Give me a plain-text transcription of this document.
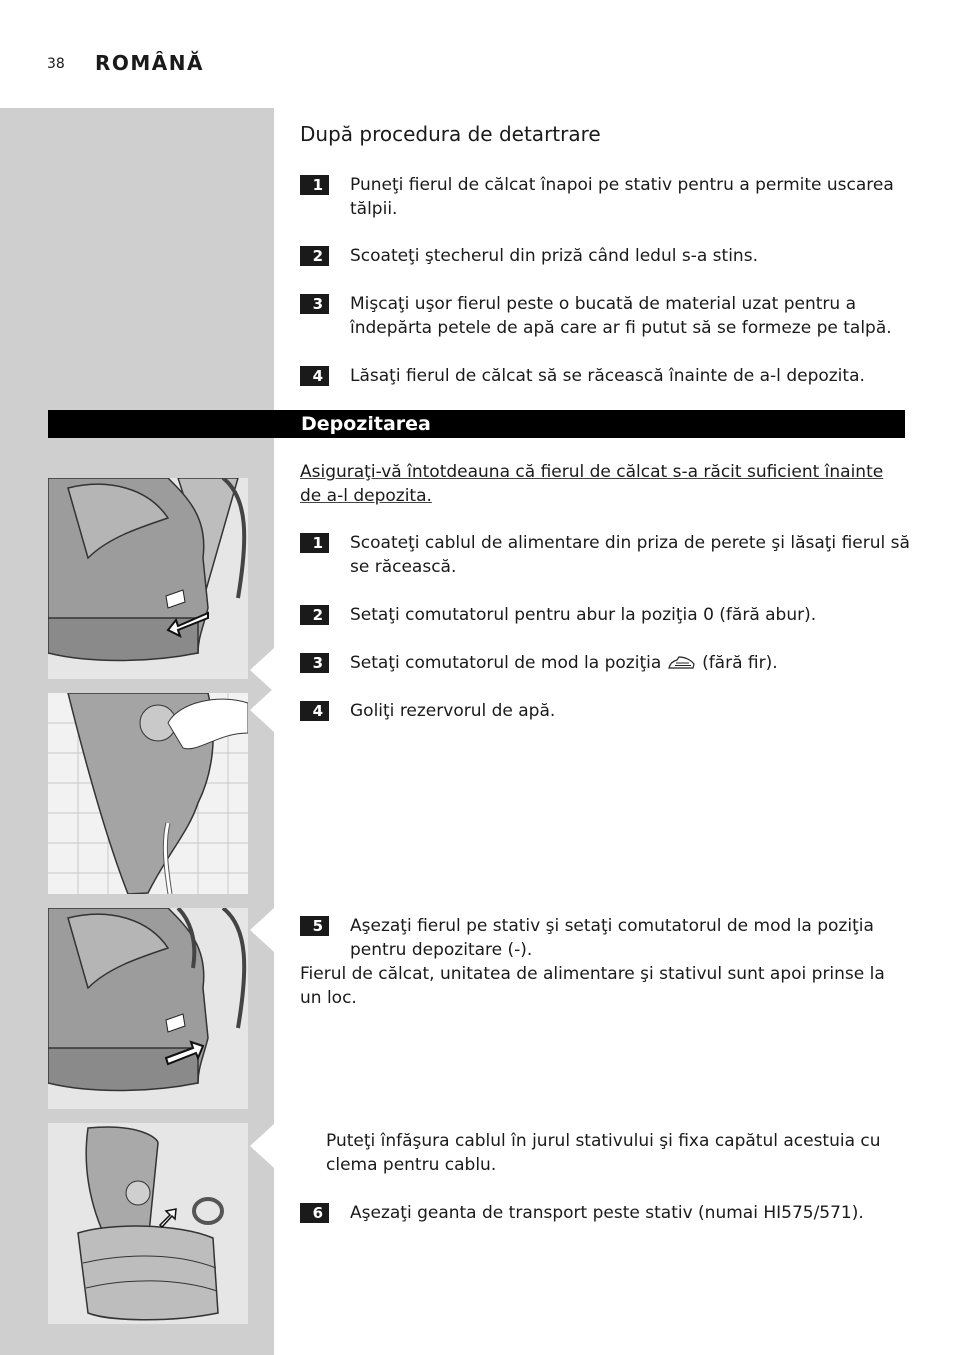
38 ROMÂNĂ
După procedura de detartrare
1	Puneţi fierul de călcat înapoi pe stativ pentru a permite uscarea tălpii.
2	Scoateţi ştecherul din priză când ledul s-a stins.
3	Mişcaţi uşor fierul peste o bucată de material uzat pentru a îndepărta petele de apă care ar fi putut să se formeze pe talpă.
4	Lăsaţi fierul de călcat să se răcească înainte de a-l depozita.
Depozitarea
Asiguraţi-vă întotdeauna că fierul de călcat s-a răcit suficient înainte de a-l depozita.
1	Scoateţi cablul de alimentare din priza de perete şi lăsaţi fierul să se răcească.
2	Setaţi comutatorul pentru abur la poziţia 0 (fără abur).
3	Setaţi comutatorul de mod la poziţia (fără fir).
4	Goliţi rezervorul de apă.
5	Aşezaţi fierul pe stativ şi setaţi comutatorul de mod la poziţia pentru depozitare (-).
Fierul de călcat, unitatea de alimentare şi stativul sunt apoi prinse la un loc.
Puteţi înfăşura cablul în jurul stativului şi fixa capătul acestuia cu clema pentru cablu.
6	Aşezaţi geanta de transport peste stativ (numai HI575/571).
